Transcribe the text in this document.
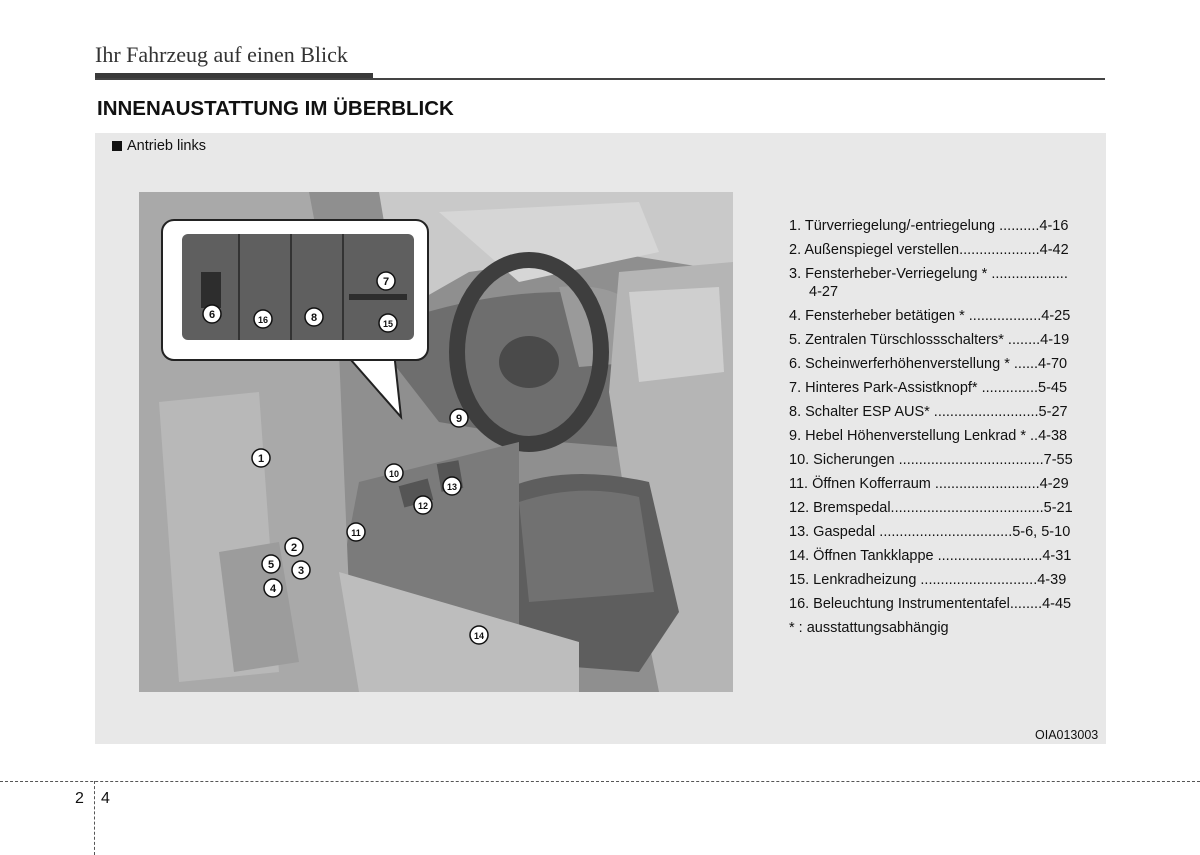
Ihr Fahrzeug auf einen Blick
INNENAUSTATTUNG IM ÜBERBLICK
Antrieb links
1
2
3
4
5
6
7
8
9
10
11
12
13
14
15
16
1. Türverriegelung/-entriegelung ..........4-16
2. Außenspiegel verstellen....................4-42
3. Fensterheber-Verriegelung * ...................
4-27
4. Fensterheber betätigen * ..................4-25
5. Zentralen Türschlossschalters* ........4-19
6. Scheinwerferhöhenverstellung * ......4-70
7. Hinteres Park-Assistknopf* ..............5-45
8. Schalter ESP AUS* ..........................5-27
9. Hebel Höhenverstellung Lenkrad * ..4-38
10. Sicherungen ....................................7-55
11. Öffnen Kofferraum ..........................4-29
12. Bremspedal......................................5-21
13. Gaspedal .................................5-6, 5-10
14. Öffnen Tankklappe ..........................4-31
15. Lenkradheizung .............................4-39
16. Beleuchtung Instrumententafel........4-45
* : ausstattungsabhängig
OIA013003
2 4
